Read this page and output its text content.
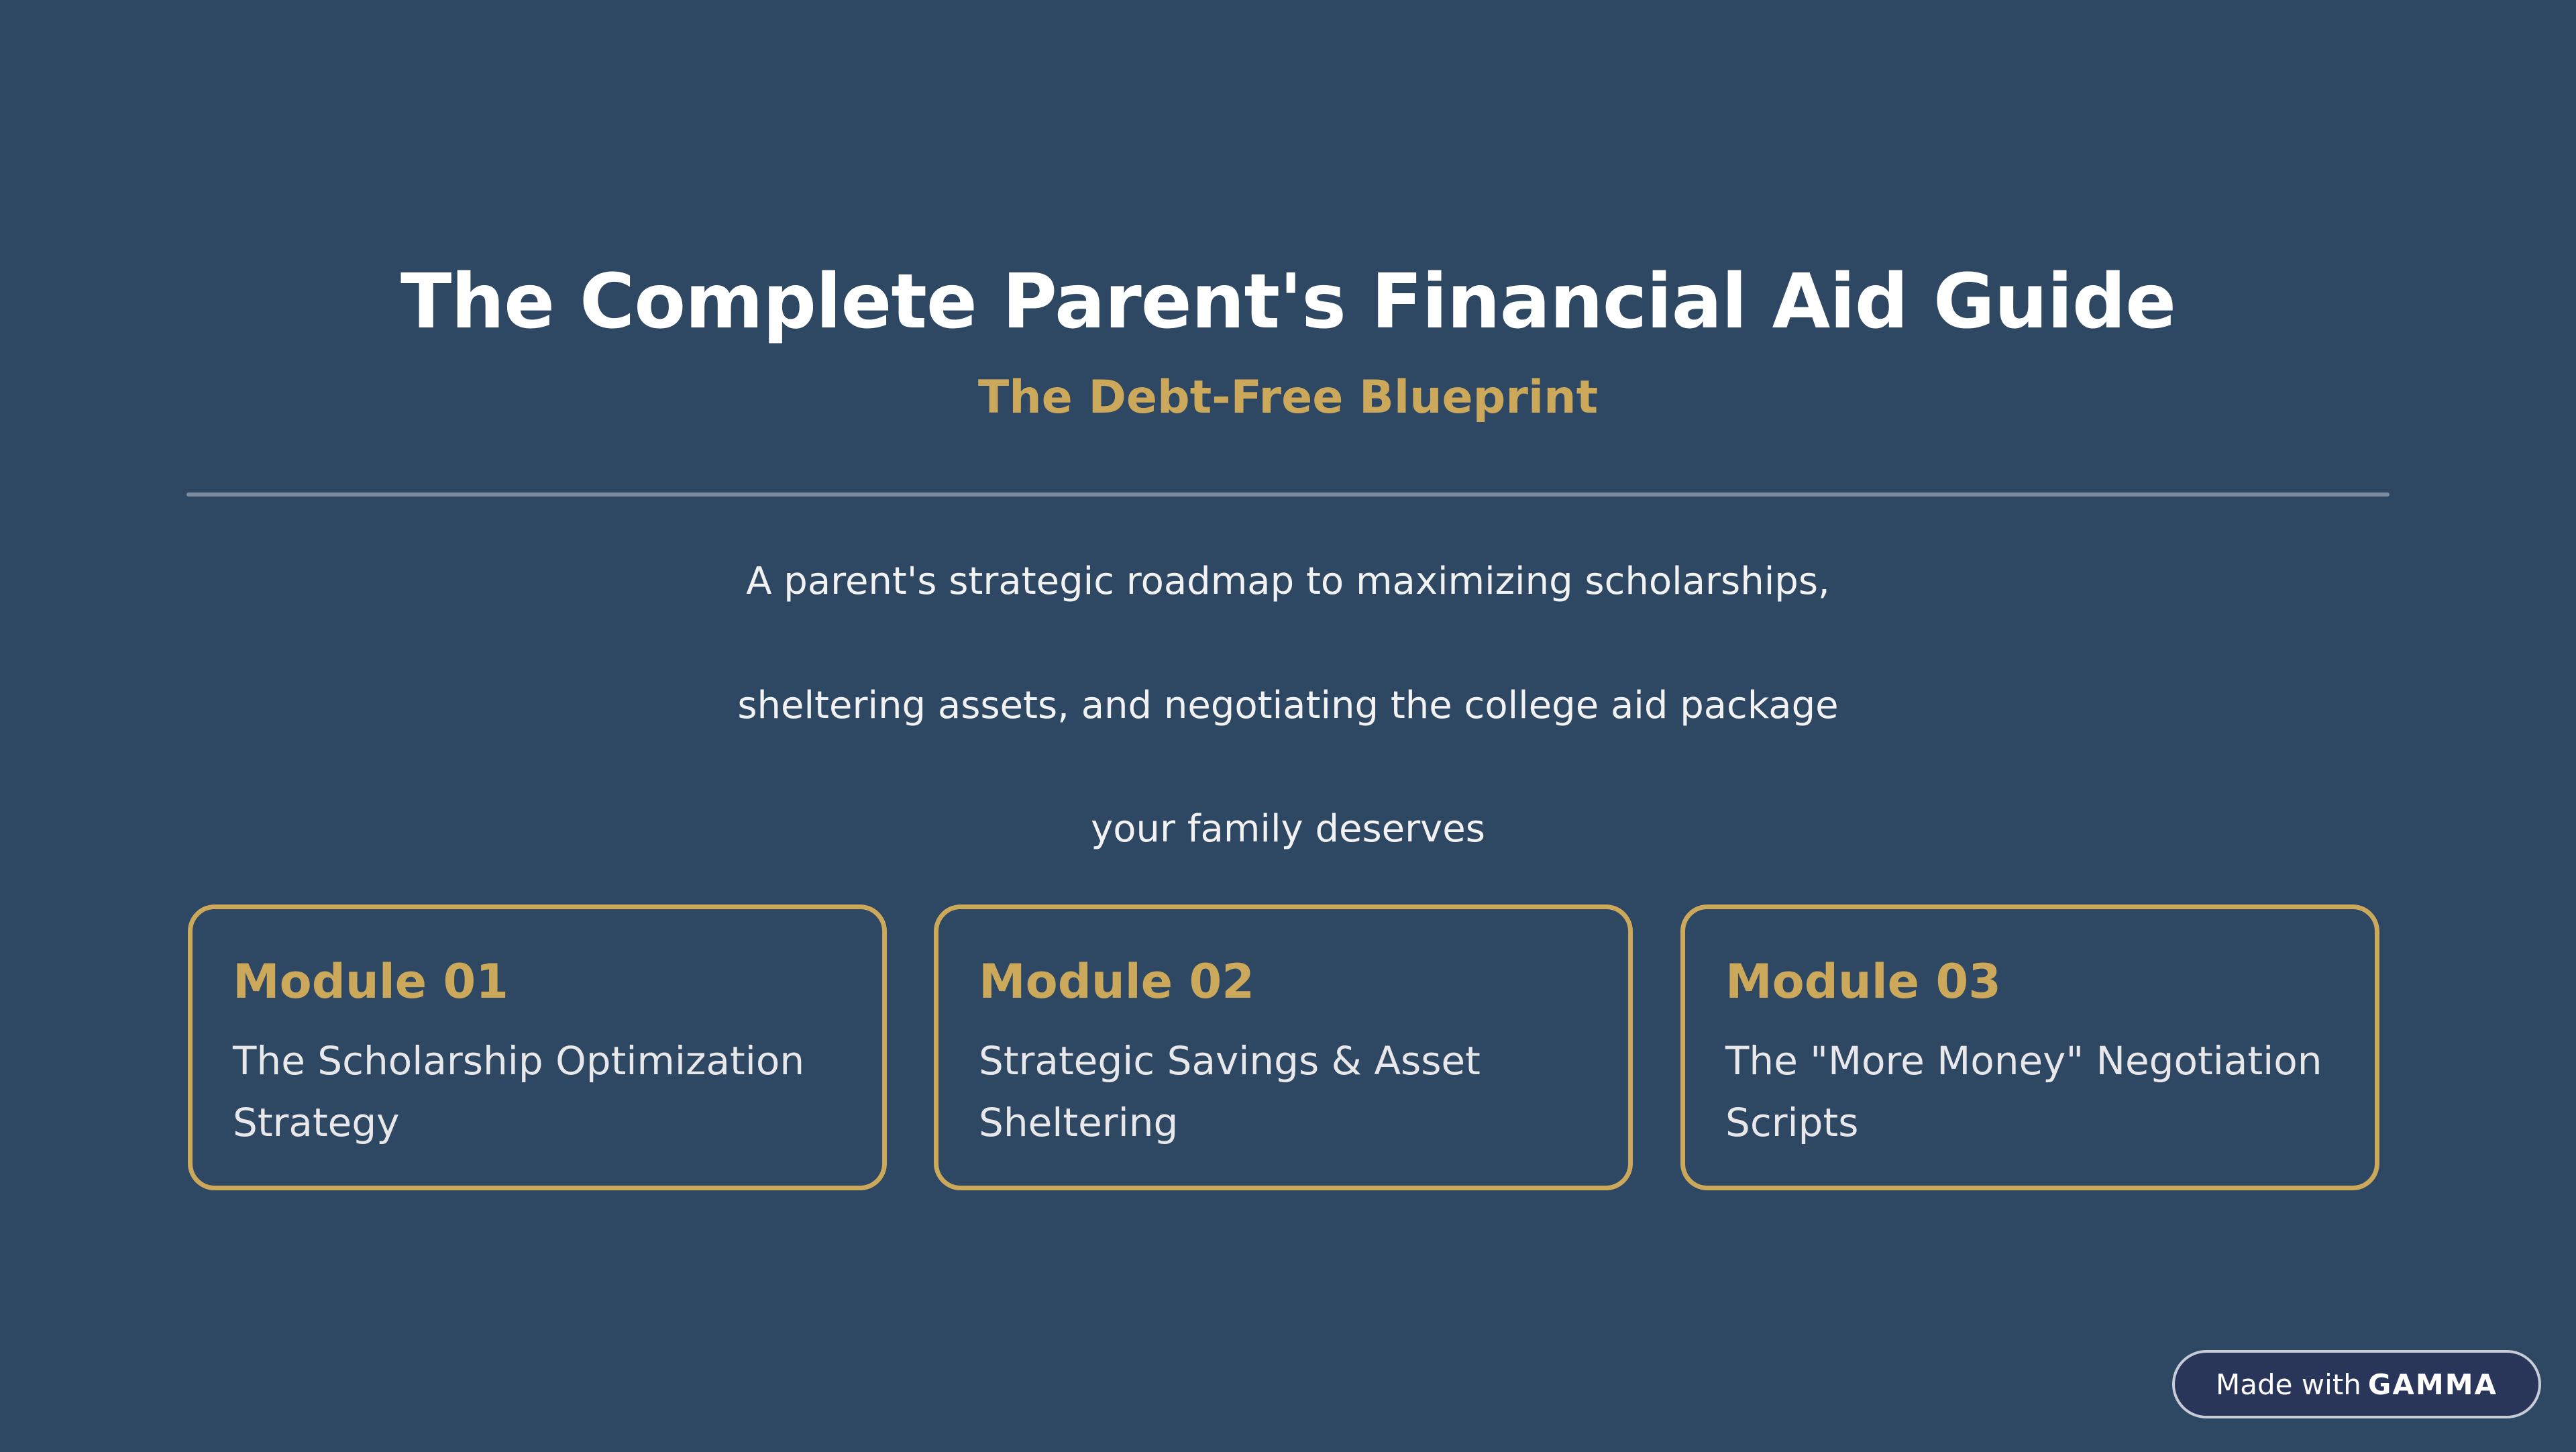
The Complete Parent's Financial Aid Guide
The Debt-Free Blueprint

A parent's strategic roadmap to maximizing scholarships,

sheltering assets, and negotiating the college aid package

your family deserves

Module 01

The Scholarship Optimization Strategy

Module 02

Strategic Savings & Asset Sheltering

Module 03

The "More Money" Negotiation Scripts

Made with GAMMA
